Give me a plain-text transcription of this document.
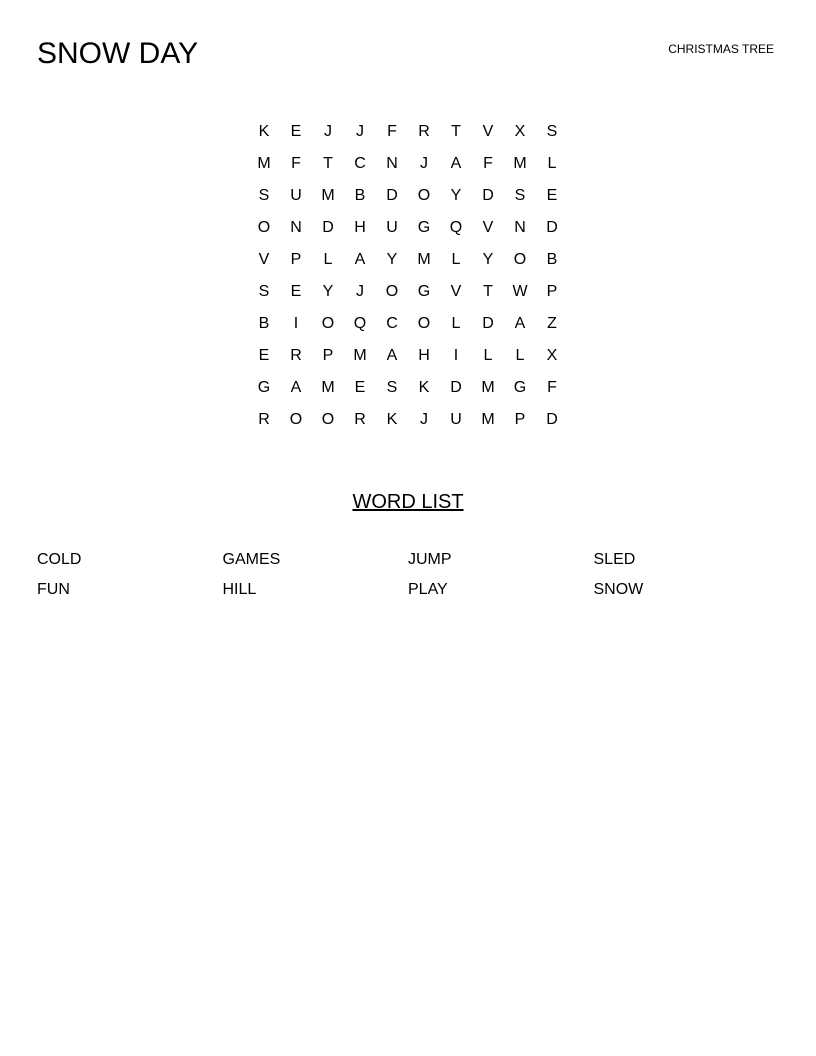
SNOW DAY	CHRISTMAS TREE
K	E	J	J	F	R	T	V	X	S
M	F	T	C	N	J	A	F	M	L
S	U	M	B	D	O	Y	D	S	E
O	N	D	H	U	G	Q	V	N	D
V	P	L	A	Y	M	L	Y	O	B
S	E	Y	J	O	G	V	T	W	P
B	I	O	Q	C	O	L	D	A	Z
E	R	P	M	A	H	I	L	L	X
G	A	M	E	S	K	D	M	G	F
R	O	O	R	K	J	U	M	P	D
WORD LIST
COLD	GAMES	JUMP	SLED
FUN	HILL	PLAY	SNOW
